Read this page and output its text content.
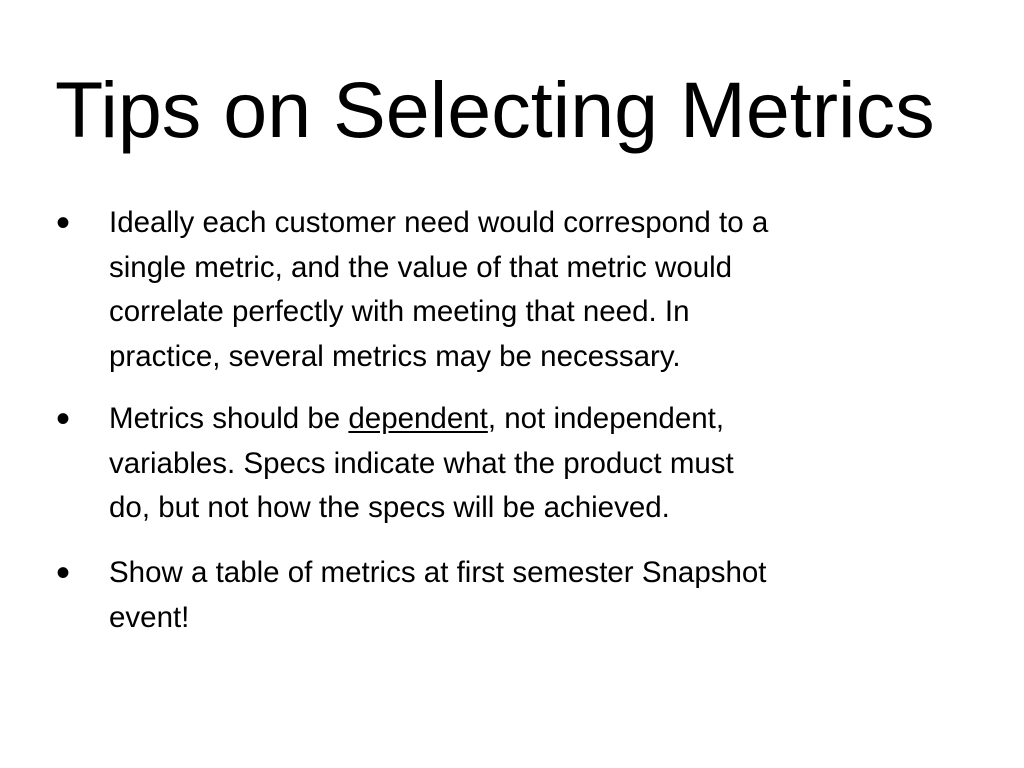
Tips on Selecting Metrics
• Ideally each customer need would correspond to a
single metric, and the value of that metric would
correlate perfectly with meeting that need. In
practice, several metrics may be necessary.
• Metrics should be dependent, not independent,
variables. Specs indicate what the product must
do, but not how the specs will be achieved.
• Show a table of metrics at first semester Snapshot
event!
